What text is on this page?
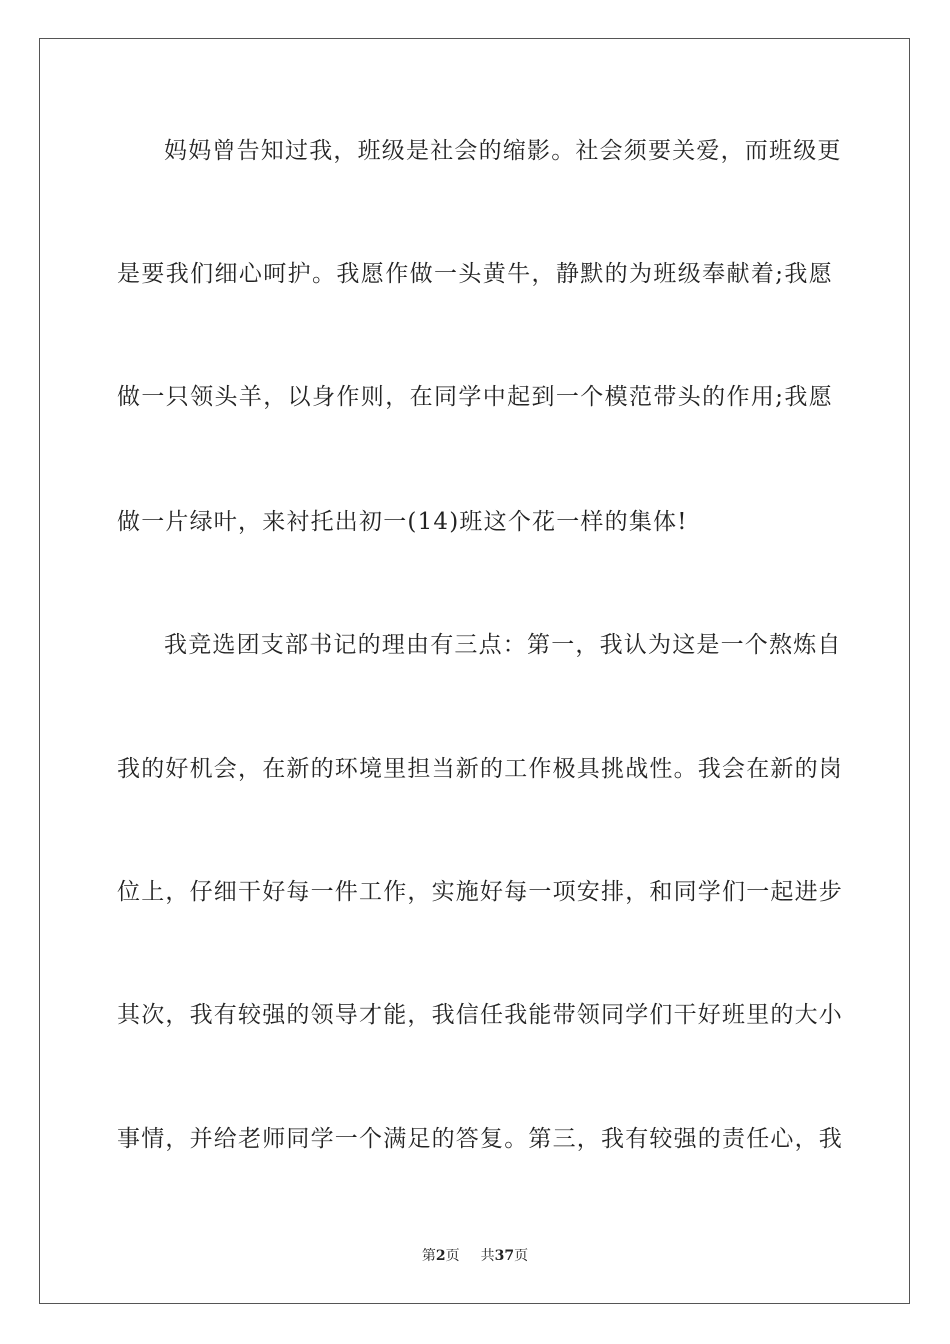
妈妈曾告知过我，班级是社会的缩影。社会须要关爱，而班级更
是要我们细心呵护。我愿作做一头黄牛，静默的为班级奉献着;我愿
做一只领头羊，以身作则，在同学中起到一个模范带头的作用;我愿
做一片绿叶，来衬托出初一(14)班这个花一样的集体!
我竞选团支部书记的理由有三点：第一，我认为这是一个熬炼自
我的好机会，在新的环境里担当新的工作极具挑战性。我会在新的岗
位上，仔细干好每一件工作，实施好每一项安排，和同学们一起进步
其次，我有较强的领导才能，我信任我能带领同学们干好班里的大小
事情，并给老师同学一个满足的答复。第三，我有较强的责任心，我
第2页 共37页
